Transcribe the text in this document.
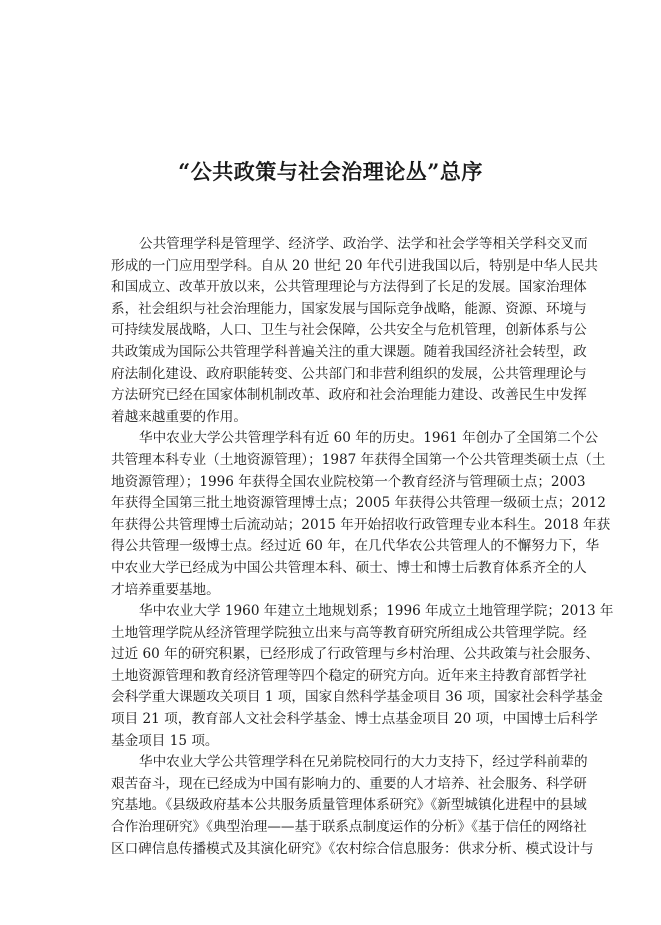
“公共政策与社会治理论丛”总序
公共管理学科是管理学、经济学、政治学、法学和社会学等相关学科交叉而
形成的一门应用型学科。自从 20 世纪 20 年代引进我国以后，特别是中华人民共
和国成立、改革开放以来，公共管理理论与方法得到了长足的发展。国家治理体
系，社会组织与社会治理能力，国家发展与国际竞争战略，能源、资源、环境与
可持续发展战略，人口、卫生与社会保障，公共安全与危机管理，创新体系与公
共政策成为国际公共管理学科普遍关注的重大课题。随着我国经济社会转型，政
府法制化建设、政府职能转变、公共部门和非营利组织的发展，公共管理理论与
方法研究已经在国家体制机制改革、政府和社会治理能力建设、改善民生中发挥
着越来越重要的作用。
华中农业大学公共管理学科有近 60 年的历史。1961 年创办了全国第二个公
共管理本科专业（土地资源管理）；1987 年获得全国第一个公共管理类硕士点（土
地资源管理）；1996 年获得全国农业院校第一个教育经济与管理硕士点；2003
年获得全国第三批土地资源管理博士点；2005 年获得公共管理一级硕士点；2012
年获得公共管理博士后流动站；2015 年开始招收行政管理专业本科生。2018 年获
得公共管理一级博士点。经过近 60 年，在几代华农公共管理人的不懈努力下，华
中农业大学已经成为中国公共管理本科、硕士、博士和博士后教育体系齐全的人
才培养重要基地。
华中农业大学 1960 年建立土地规划系；1996 年成立土地管理学院；2013 年
土地管理学院从经济管理学院独立出来与高等教育研究所组成公共管理学院。经
过近 60 年的研究积累，已经形成了行政管理与乡村治理、公共政策与社会服务、
土地资源管理和教育经济管理等四个稳定的研究方向。近年来主持教育部哲学社
会科学重大课题攻关项目 1 项，国家自然科学基金项目 36 项，国家社会科学基金
项目 21 项，教育部人文社会科学基金、博士点基金项目 20 项，中国博士后科学
基金项目 15 项。
华中农业大学公共管理学科在兄弟院校同行的大力支持下，经过学科前辈的
艰苦奋斗，现在已经成为中国有影响力的、重要的人才培养、社会服务、科学研
究基地。《县级政府基本公共服务质量管理体系研究》《新型城镇化进程中的县域
合作治理研究》《典型治理——基于联系点制度运作的分析》《基于信任的网络社
区口碑信息传播模式及其演化研究》《农村综合信息服务：供求分析、模式设计与
